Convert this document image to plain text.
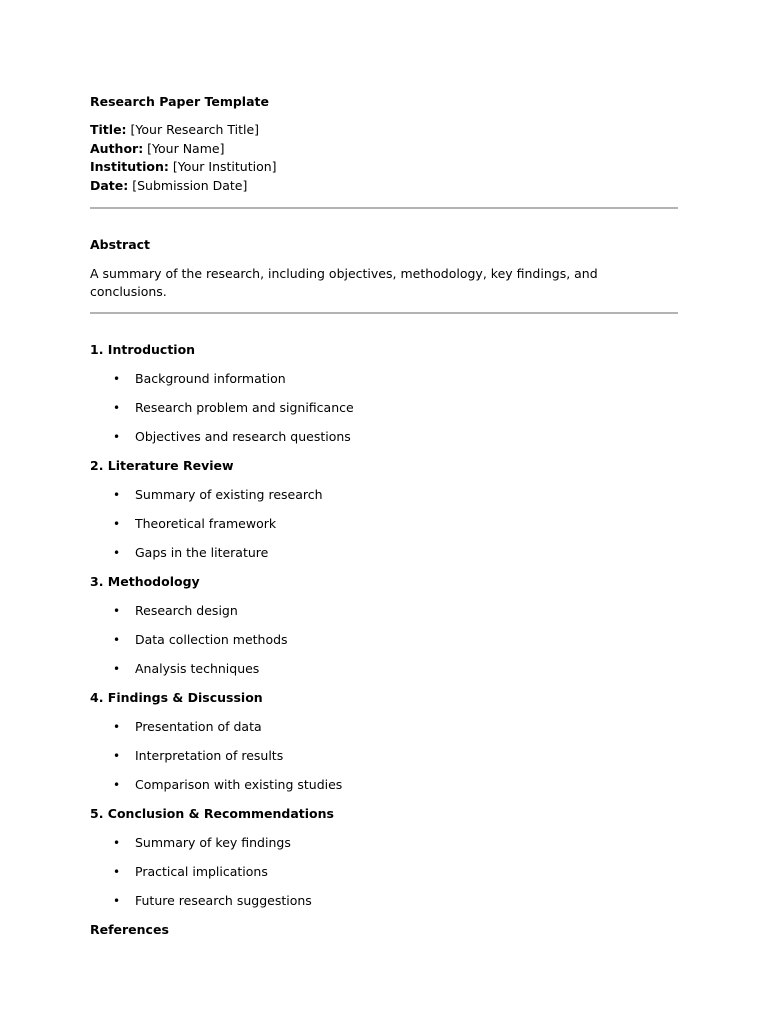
Research Paper Template
Title: [Your Research Title]
Author: [Your Name]
Institution: [Your Institution]
Date: [Submission Date]
Abstract
A summary of the research, including objectives, methodology, key findings, and conclusions.
1. Introduction
• Background information
• Research problem and significance
• Objectives and research questions
2. Literature Review
• Summary of existing research
• Theoretical framework
• Gaps in the literature
3. Methodology
• Research design
• Data collection methods
• Analysis techniques
4. Findings & Discussion
• Presentation of data
• Interpretation of results
• Comparison with existing studies
5. Conclusion & Recommendations
• Summary of key findings
• Practical implications
• Future research suggestions
References
